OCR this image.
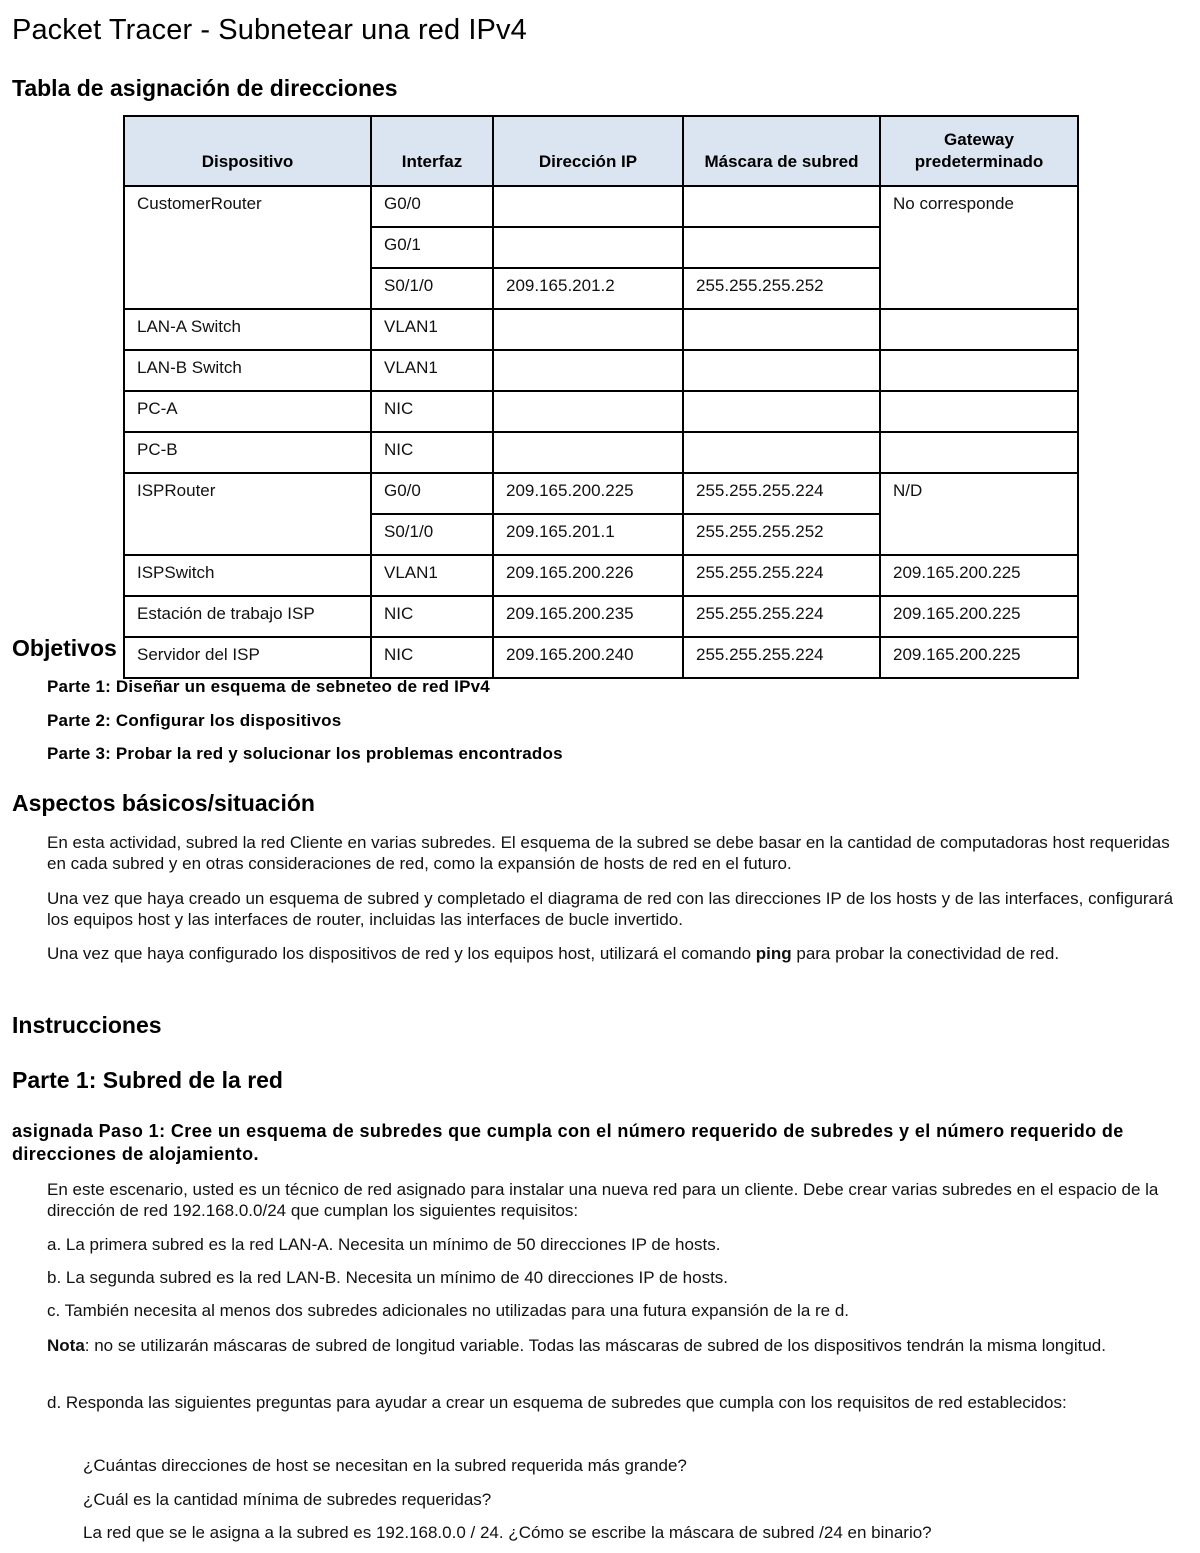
Packet Tracer - Subnetear una red IPv4
Tabla de asignación de direcciones
Dispositivo	Interfaz	Dirección IP	Máscara de subred	Gateway predeterminado
CustomerRouter	G0/0			No corresponde
	G0/1			
	S0/1/0	209.165.201.2	255.255.255.252	
LAN-A Switch	VLAN1			
LAN-B Switch	VLAN1			
PC-A	NIC			
PC-B	NIC			
ISPRouter	G0/0	209.165.200.225	255.255.255.224	N/D
	S0/1/0	209.165.201.1	255.255.255.252	
ISPSwitch	VLAN1	209.165.200.226	255.255.255.224	209.165.200.225
Estación de trabajo ISP	NIC	209.165.200.235	255.255.255.224	209.165.200.225
Servidor del ISP	NIC	209.165.200.240	255.255.255.224	209.165.200.225
Objetivos
Parte 1: Diseñar un esquema de sebneteo de red IPv4
Parte 2: Configurar los dispositivos
Parte 3: Probar la red y solucionar los problemas encontrados
Aspectos básicos/situación
En esta actividad, subred la red Cliente en varias subredes. El esquema de la subred se debe basar en la cantidad de computadoras host requeridas en cada subred y en otras consideraciones de red, como la expansión de hosts de red en el futuro.
Una vez que haya creado un esquema de subred y completado el diagrama de red con las direcciones IP de los hosts y de las interfaces, configurará los equipos host y las interfaces de router, incluidas las interfaces de bucle invertido.
Una vez que haya configurado los dispositivos de red y los equipos host, utilizará el comando ping para probar la conectividad de red.
Instrucciones
Parte 1: Subred de la red
asignada Paso 1: Cree un esquema de subredes que cumpla con el número requerido de subredes y el número requerido de direcciones de alojamiento.
En este escenario, usted es un técnico de red asignado para instalar una nueva red para un cliente. Debe crear varias subredes en el espacio de la dirección de red 192.168.0.0/24 que cumplan los siguientes requisitos:
a. La primera subred es la red LAN-A. Necesita un mínimo de 50 direcciones IP de hosts.
b. La segunda subred es la red LAN-B. Necesita un mínimo de 40 direcciones IP de hosts.
c. También necesita al menos dos subredes adicionales no utilizadas para una futura expansión de la re d.
Nota: no se utilizarán máscaras de subred de longitud variable. Todas las máscaras de subred de los dispositivos tendrán la misma longitud.
d. Responda las siguientes preguntas para ayudar a crear un esquema de subredes que cumpla con los requisitos de red establecidos:
¿Cuántas direcciones de host se necesitan en la subred requerida más grande?
¿Cuál es la cantidad mínima de subredes requeridas?
La red que se le asigna a la subred es 192.168.0.0 / 24. ¿Cómo se escribe la máscara de subred /24 en binario?
